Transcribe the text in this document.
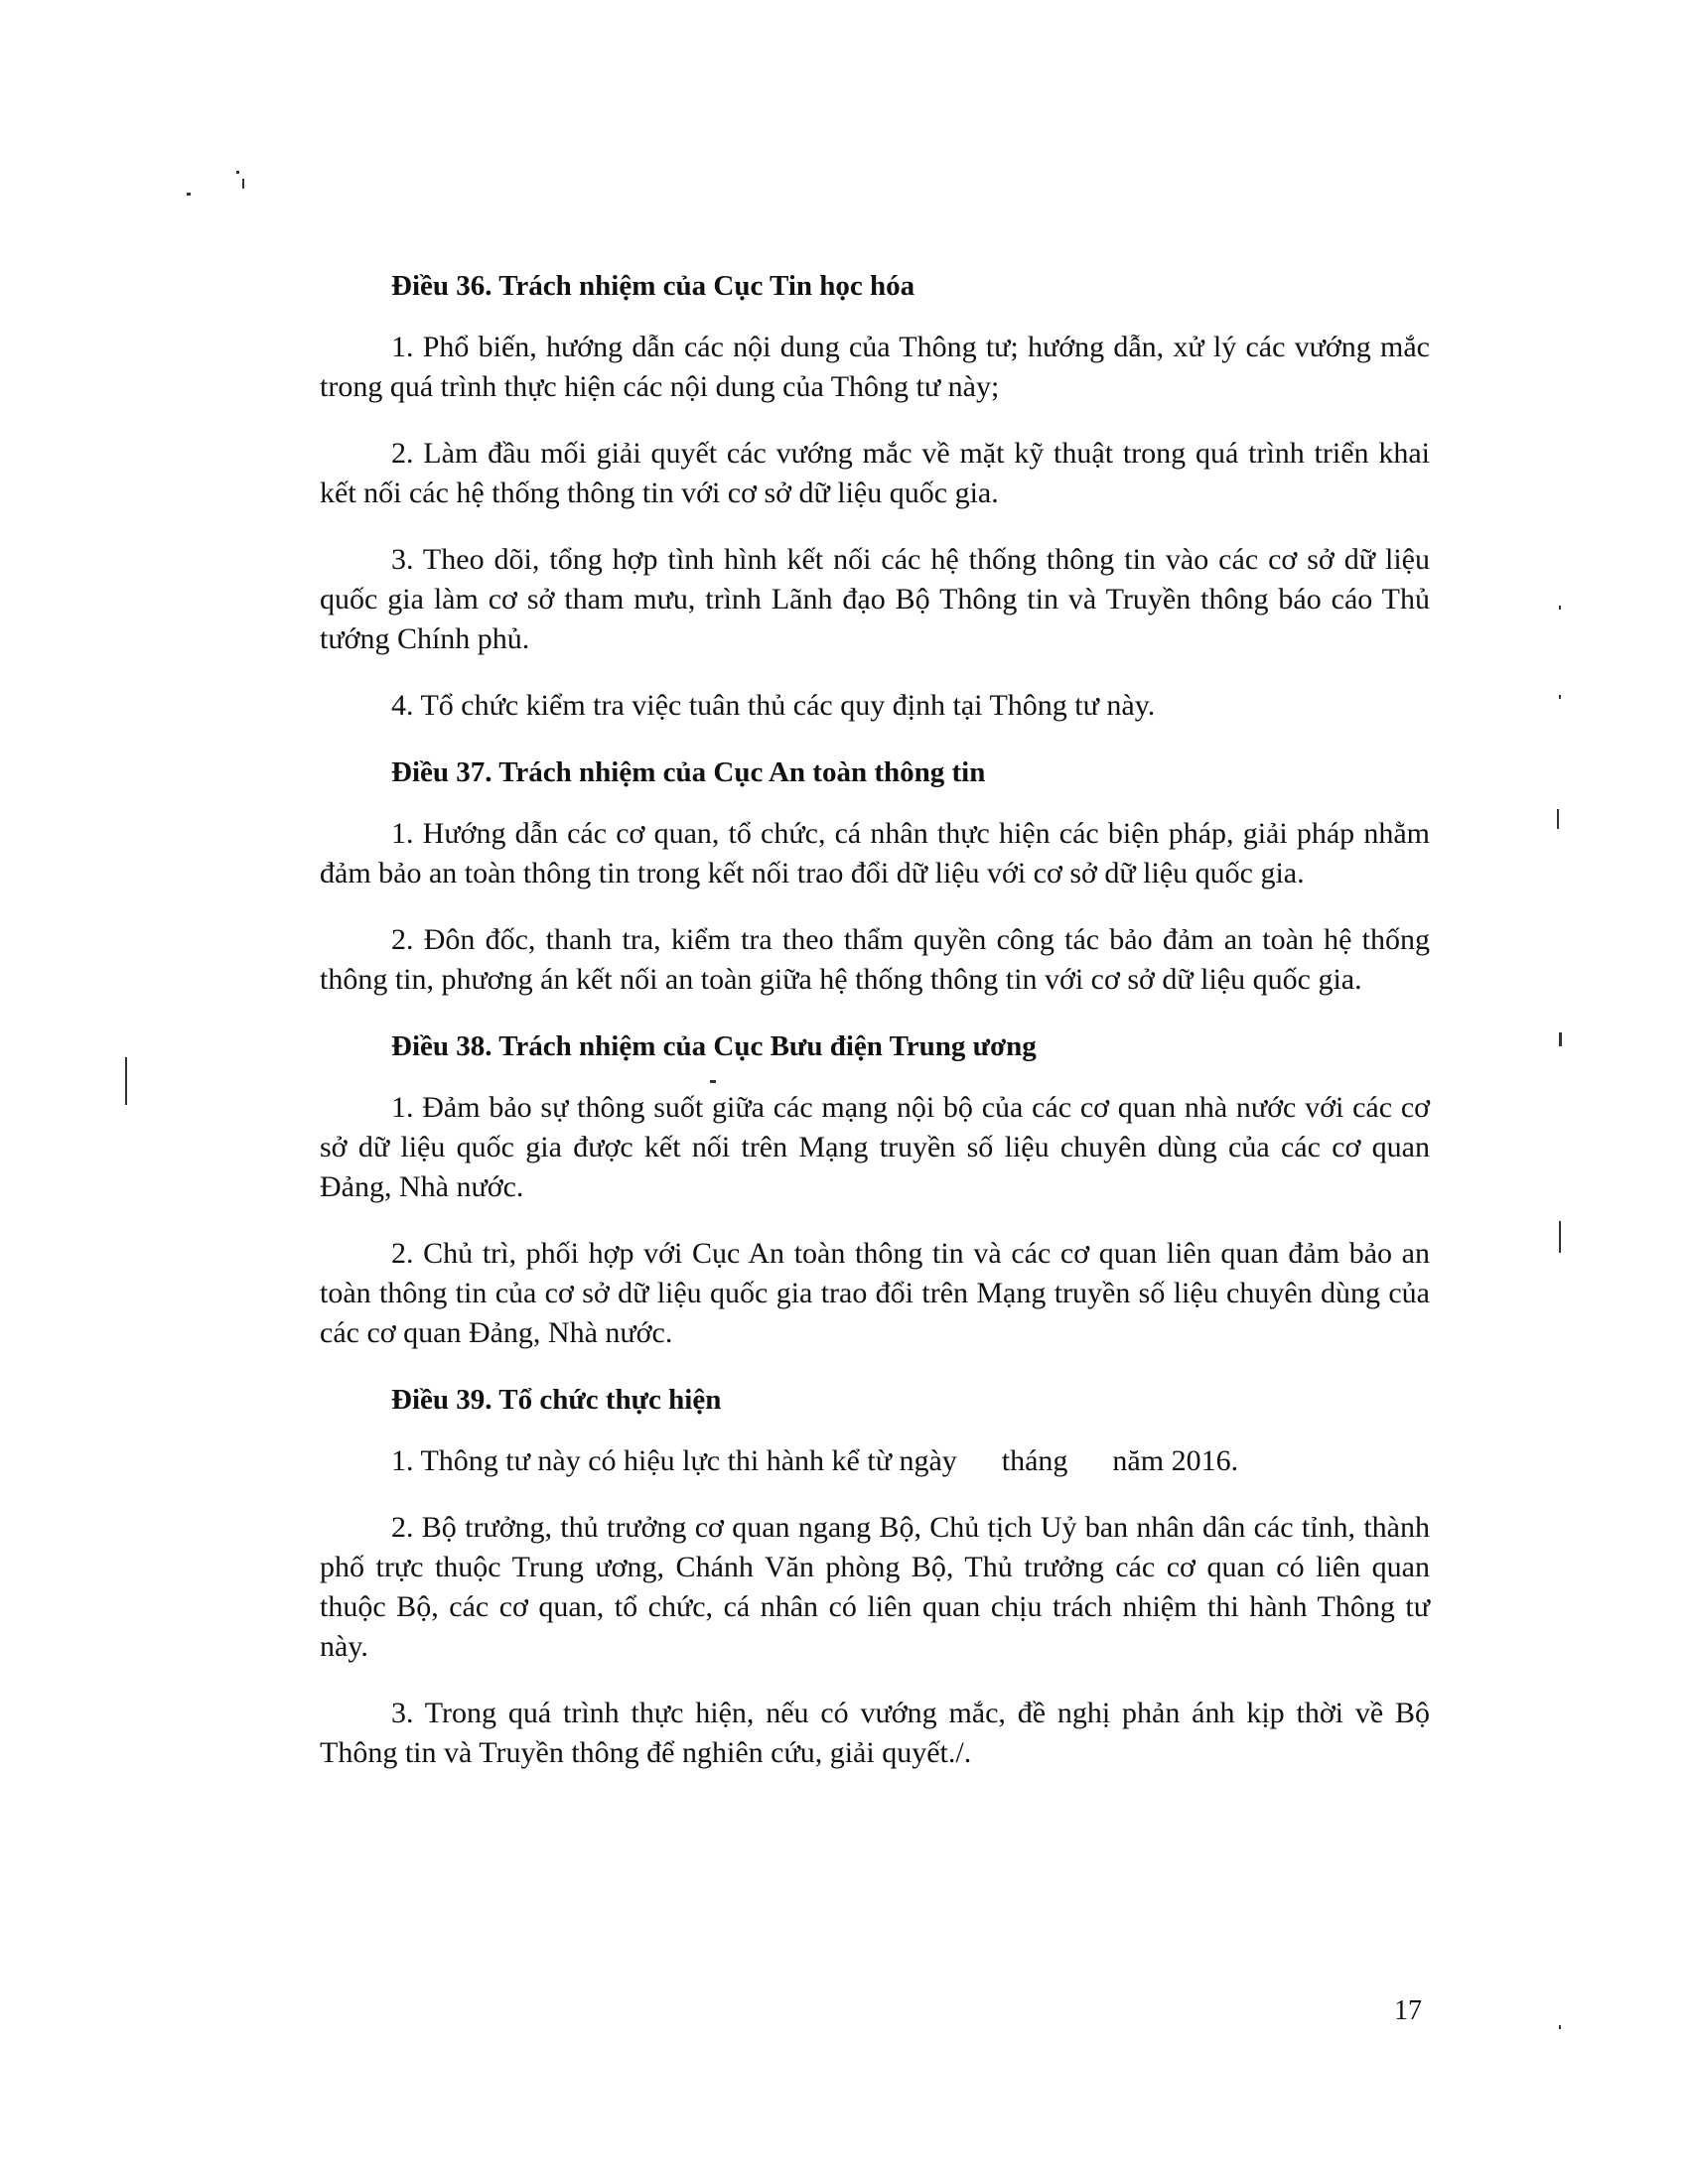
Điều 36. Trách nhiệm của Cục Tin học hóa

1. Phổ biến, hướng dẫn các nội dung của Thông tư; hướng dẫn, xử lý các vướng mắc trong quá trình thực hiện các nội dung của Thông tư này;

2. Làm đầu mối giải quyết các vướng mắc về mặt kỹ thuật trong quá trình triển khai kết nối các hệ thống thông tin với cơ sở dữ liệu quốc gia.

3. Theo dõi, tổng hợp tình hình kết nối các hệ thống thông tin vào các cơ sở dữ liệu quốc gia làm cơ sở tham mưu, trình Lãnh đạo Bộ Thông tin và Truyền thông báo cáo Thủ tướng Chính phủ.

4. Tổ chức kiểm tra việc tuân thủ các quy định tại Thông tư này.

Điều 37. Trách nhiệm của Cục An toàn thông tin

1. Hướng dẫn các cơ quan, tổ chức, cá nhân thực hiện các biện pháp, giải pháp nhằm đảm bảo an toàn thông tin trong kết nối trao đổi dữ liệu với cơ sở dữ liệu quốc gia.

2. Đôn đốc, thanh tra, kiểm tra theo thẩm quyền công tác bảo đảm an toàn hệ thống thông tin, phương án kết nối an toàn giữa hệ thống thông tin với cơ sở dữ liệu quốc gia.

Điều 38. Trách nhiệm của Cục Bưu điện Trung ương

1. Đảm bảo sự thông suốt giữa các mạng nội bộ của các cơ quan nhà nước với các cơ sở dữ liệu quốc gia được kết nối trên Mạng truyền số liệu chuyên dùng của các cơ quan Đảng, Nhà nước.

2. Chủ trì, phối hợp với Cục An toàn thông tin và các cơ quan liên quan đảm bảo an toàn thông tin của cơ sở dữ liệu quốc gia trao đổi trên Mạng truyền số liệu chuyên dùng của các cơ quan Đảng, Nhà nước.

Điều 39. Tổ chức thực hiện

1. Thông tư này có hiệu lực thi hành kể từ ngày      tháng      năm 2016.

2. Bộ trưởng, thủ trưởng cơ quan ngang Bộ, Chủ tịch Uỷ ban nhân dân các tỉnh, thành phố trực thuộc Trung ương, Chánh Văn phòng Bộ, Thủ trưởng các cơ quan có liên quan thuộc Bộ, các cơ quan, tổ chức, cá nhân có liên quan chịu trách nhiệm thi hành Thông tư này.

3. Trong quá trình thực hiện, nếu có vướng mắc, đề nghị phản ánh kịp thời về Bộ Thông tin và Truyền thông để nghiên cứu, giải quyết./.

17
